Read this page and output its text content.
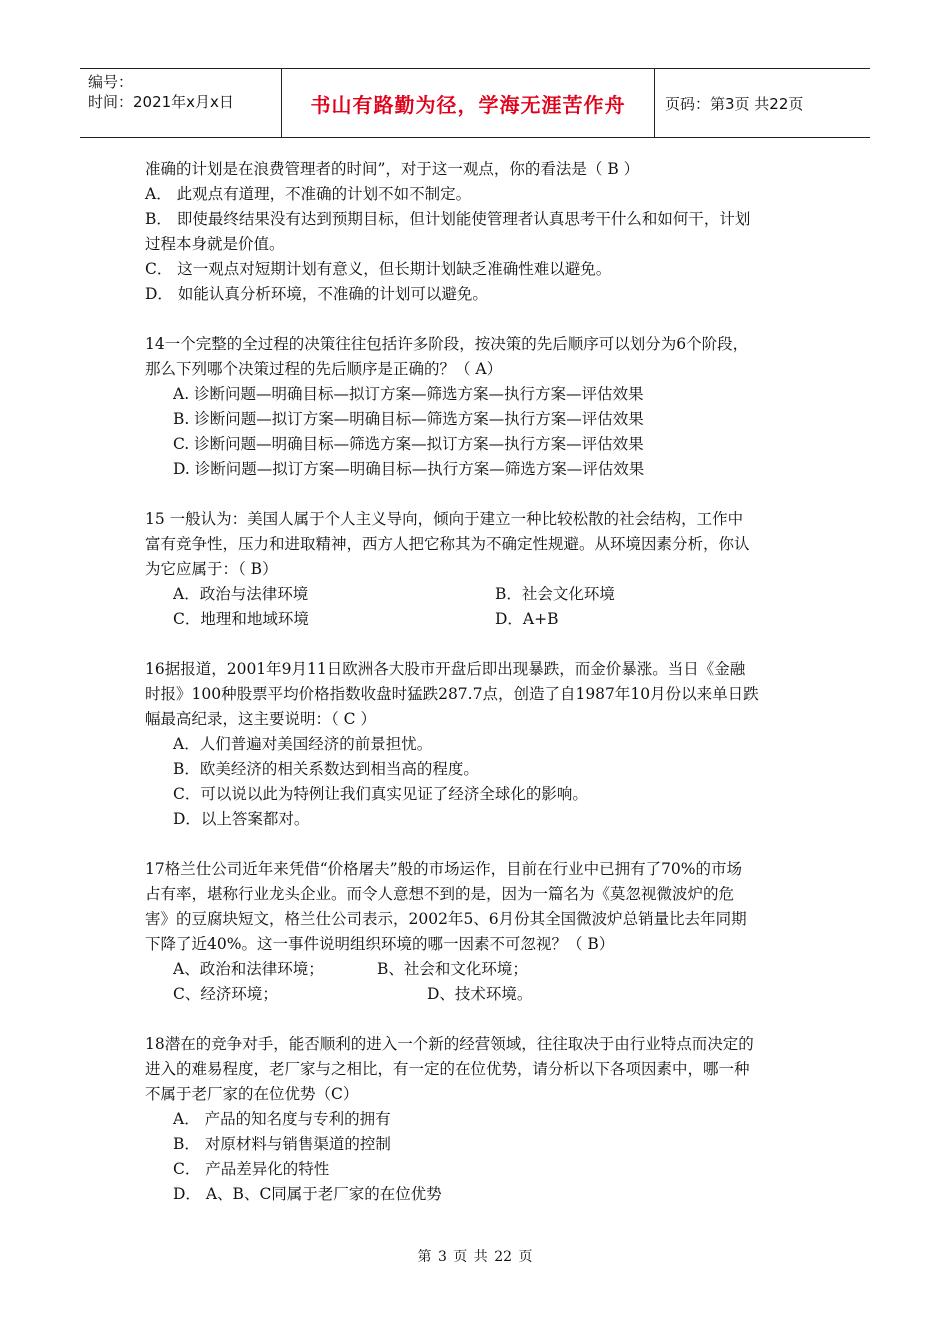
编号：
时间：2021年x月x日	书山有路勤为径，学海无涯苦作舟	页码：第3页 共22页
准确的计划是在浪费管理者的时间”，对于这一观点，你的看法是（ B ）
A． 此观点有道理，不准确的计划不如不制定。
B． 即使最终结果没有达到预期目标，但计划能使管理者认真思考干什么和如何干，计划
过程本身就是价值。
C． 这一观点对短期计划有意义，但长期计划缺乏准确性难以避免。
D． 如能认真分析环境，不准确的计划可以避免。
14一个完整的全过程的决策往往包括许多阶段，按决策的先后顺序可以划分为6个阶段，
那么下列哪个决策过程的先后顺序是正确的？（ A）
A. 诊断问题—明确目标—拟订方案—筛选方案—执行方案—评估效果
B. 诊断问题—拟订方案—明确目标—筛选方案—执行方案—评估效果
C. 诊断问题—明确目标—筛选方案—拟订方案—执行方案—评估效果
D. 诊断问题—拟订方案—明确目标—执行方案—筛选方案—评估效果
15 一般认为：美国人属于个人主义导向，倾向于建立一种比较松散的社会结构，工作中
富有竞争性，压力和进取精神，西方人把它称其为不确定性规避。从环境因素分析，你认
为它应属于：（ B）
A．政治与法律环境	B．社会文化环境
C．地理和地域环境	D．A+B
16据报道，2001年9月11日欧洲各大股市开盘后即出现暴跌，而金价暴涨。当日《金融
时报》100种股票平均价格指数收盘时猛跌287.7点，创造了自1987年10月份以来单日跌
幅最高纪录，这主要说明：（ C ）
A．人们普遍对美国经济的前景担忧。
B．欧美经济的相关系数达到相当高的程度。
C．可以说以此为特例让我们真实见证了经济全球化的影响。
D．以上答案都对。
17格兰仕公司近年来凭借“价格屠夫”般的市场运作，目前在行业中已拥有了70%的市场
占有率，堪称行业龙头企业。而令人意想不到的是，因为一篇名为《莫忽视微波炉的危
害》的豆腐块短文，格兰仕公司表示，2002年5、6月份其全国微波炉总销量比去年同期
下降了近40%。这一事件说明组织环境的哪一因素不可忽视？（ B）
A、政治和法律环境；	B、社会和文化环境；
C、经济环境；	D、技术环境。
18潜在的竞争对手，能否顺利的进入一个新的经营领域，往往取决于由行业特点而决定的
进入的难易程度，老厂家与之相比，有一定的在位优势，请分析以下各项因素中，哪一种
不属于老厂家的在位优势（C）
A． 产品的知名度与专利的拥有
B． 对原材料与销售渠道的控制
C． 产品差异化的特性
D． A、B、C同属于老厂家的在位优势
第 3 页 共 22 页
